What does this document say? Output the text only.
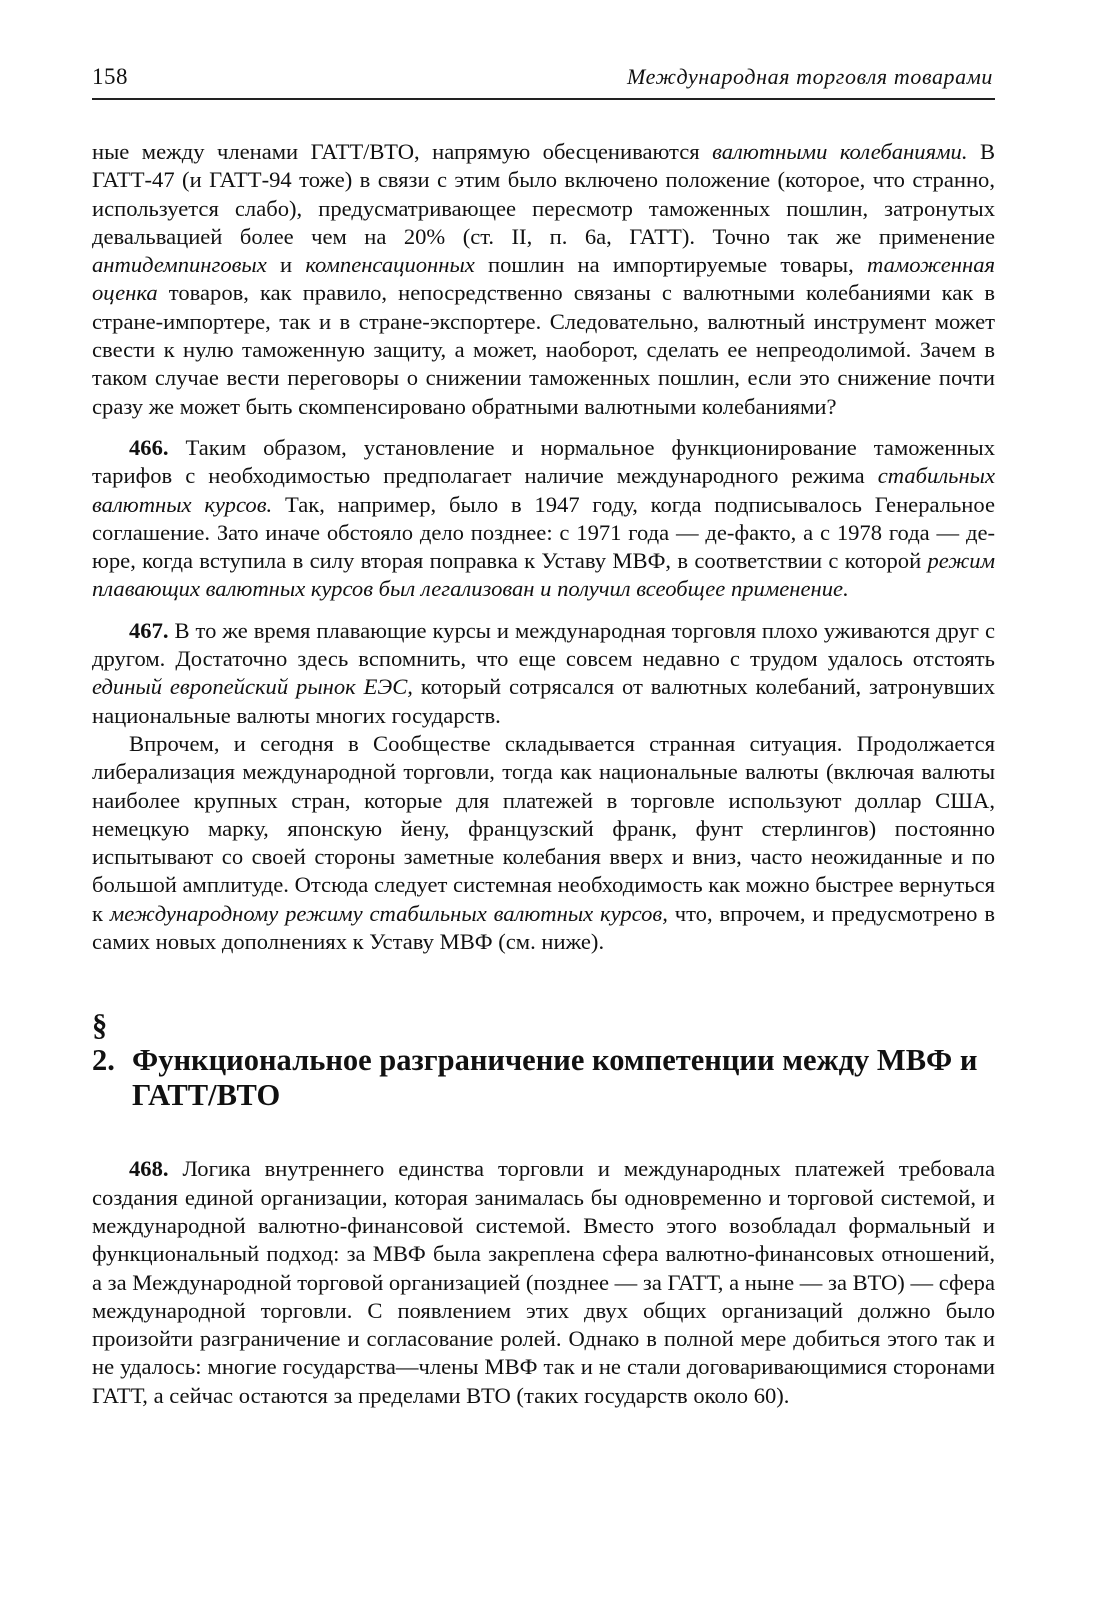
158	Международная торговля товарами

ные между членами ГАТТ/ВТО, напрямую обесцениваются валютными колебаниями. В ГАТТ-47 (и ГАТТ-94 тоже) в связи с этим было включено положение (которое, что странно, используется слабо), предусматривающее пересмотр таможенных пошлин, затронутых девальвацией более чем на 20% (ст. II, п. 6а, ГАТТ). Точно так же применение антидемпинговых и компенсационных пошлин на импортируемые товары, таможенная оценка товаров, как правило, непосредственно связаны с валютными колебаниями как в стране-импортере, так и в стране-экспортере. Следовательно, валютный инструмент может свести к нулю таможенную защиту, а может, наоборот, сделать ее непреодолимой. Зачем в таком случае вести переговоры о снижении таможенных пошлин, если это снижение почти сразу же может быть скомпенсировано обратными валютными колебаниями?

466. Таким образом, установление и нормальное функционирование таможенных тарифов с необходимостью предполагает наличие международного режима стабильных валютных курсов. Так, например, было в 1947 году, когда подписывалось Генеральное соглашение. Зато иначе обстояло дело позднее: с 1971 года — де-факто, а с 1978 года — де-юре, когда вступила в силу вторая поправка к Уставу МВФ, в соответствии с которой режим плавающих валютных курсов был легализован и получил всеобщее применение.

467. В то же время плавающие курсы и международная торговля плохо уживаются друг с другом. Достаточно здесь вспомнить, что еще совсем недавно с трудом удалось отстоять единый европейский рынок ЕЭС, который сотрясался от валютных колебаний, затронувших национальные валюты многих государств.

Впрочем, и сегодня в Сообществе складывается странная ситуация. Продолжается либерализация международной торговли, тогда как национальные валюты (включая валюты наиболее крупных стран, которые для платежей в торговле используют доллар США, немецкую марку, японскую йену, французский франк, фунт стерлингов) постоянно испытывают со своей стороны заметные колебания вверх и вниз, часто неожиданные и по большой амплитуде. Отсюда следует системная необходимость как можно быстрее вернуться к международному режиму стабильных валютных курсов, что, впрочем, и предусмотрено в самих новых дополнениях к Уставу МВФ (см. ниже).

§ 2. Функциональное разграничение компетенции между МВФ и ГАТТ/ВТО

468. Логика внутреннего единства торговли и международных платежей требовала создания единой организации, которая занималась бы одновременно и торговой системой, и международной валютно-финансовой системой. Вместо этого возобладал формальный и функциональный подход: за МВФ была закреплена сфера валютно-финансовых отношений, а за Международной торговой организацией (позднее — за ГАТТ, а ныне — за ВТО) — сфера международной торговли. С появлением этих двух общих организаций должно было произойти разграничение и согласование ролей. Однако в полной мере добиться этого так и не удалось: многие государства—члены МВФ так и не стали договаривающимися сторонами ГАТТ, а сейчас остаются за пределами ВТО (таких государств около 60).
